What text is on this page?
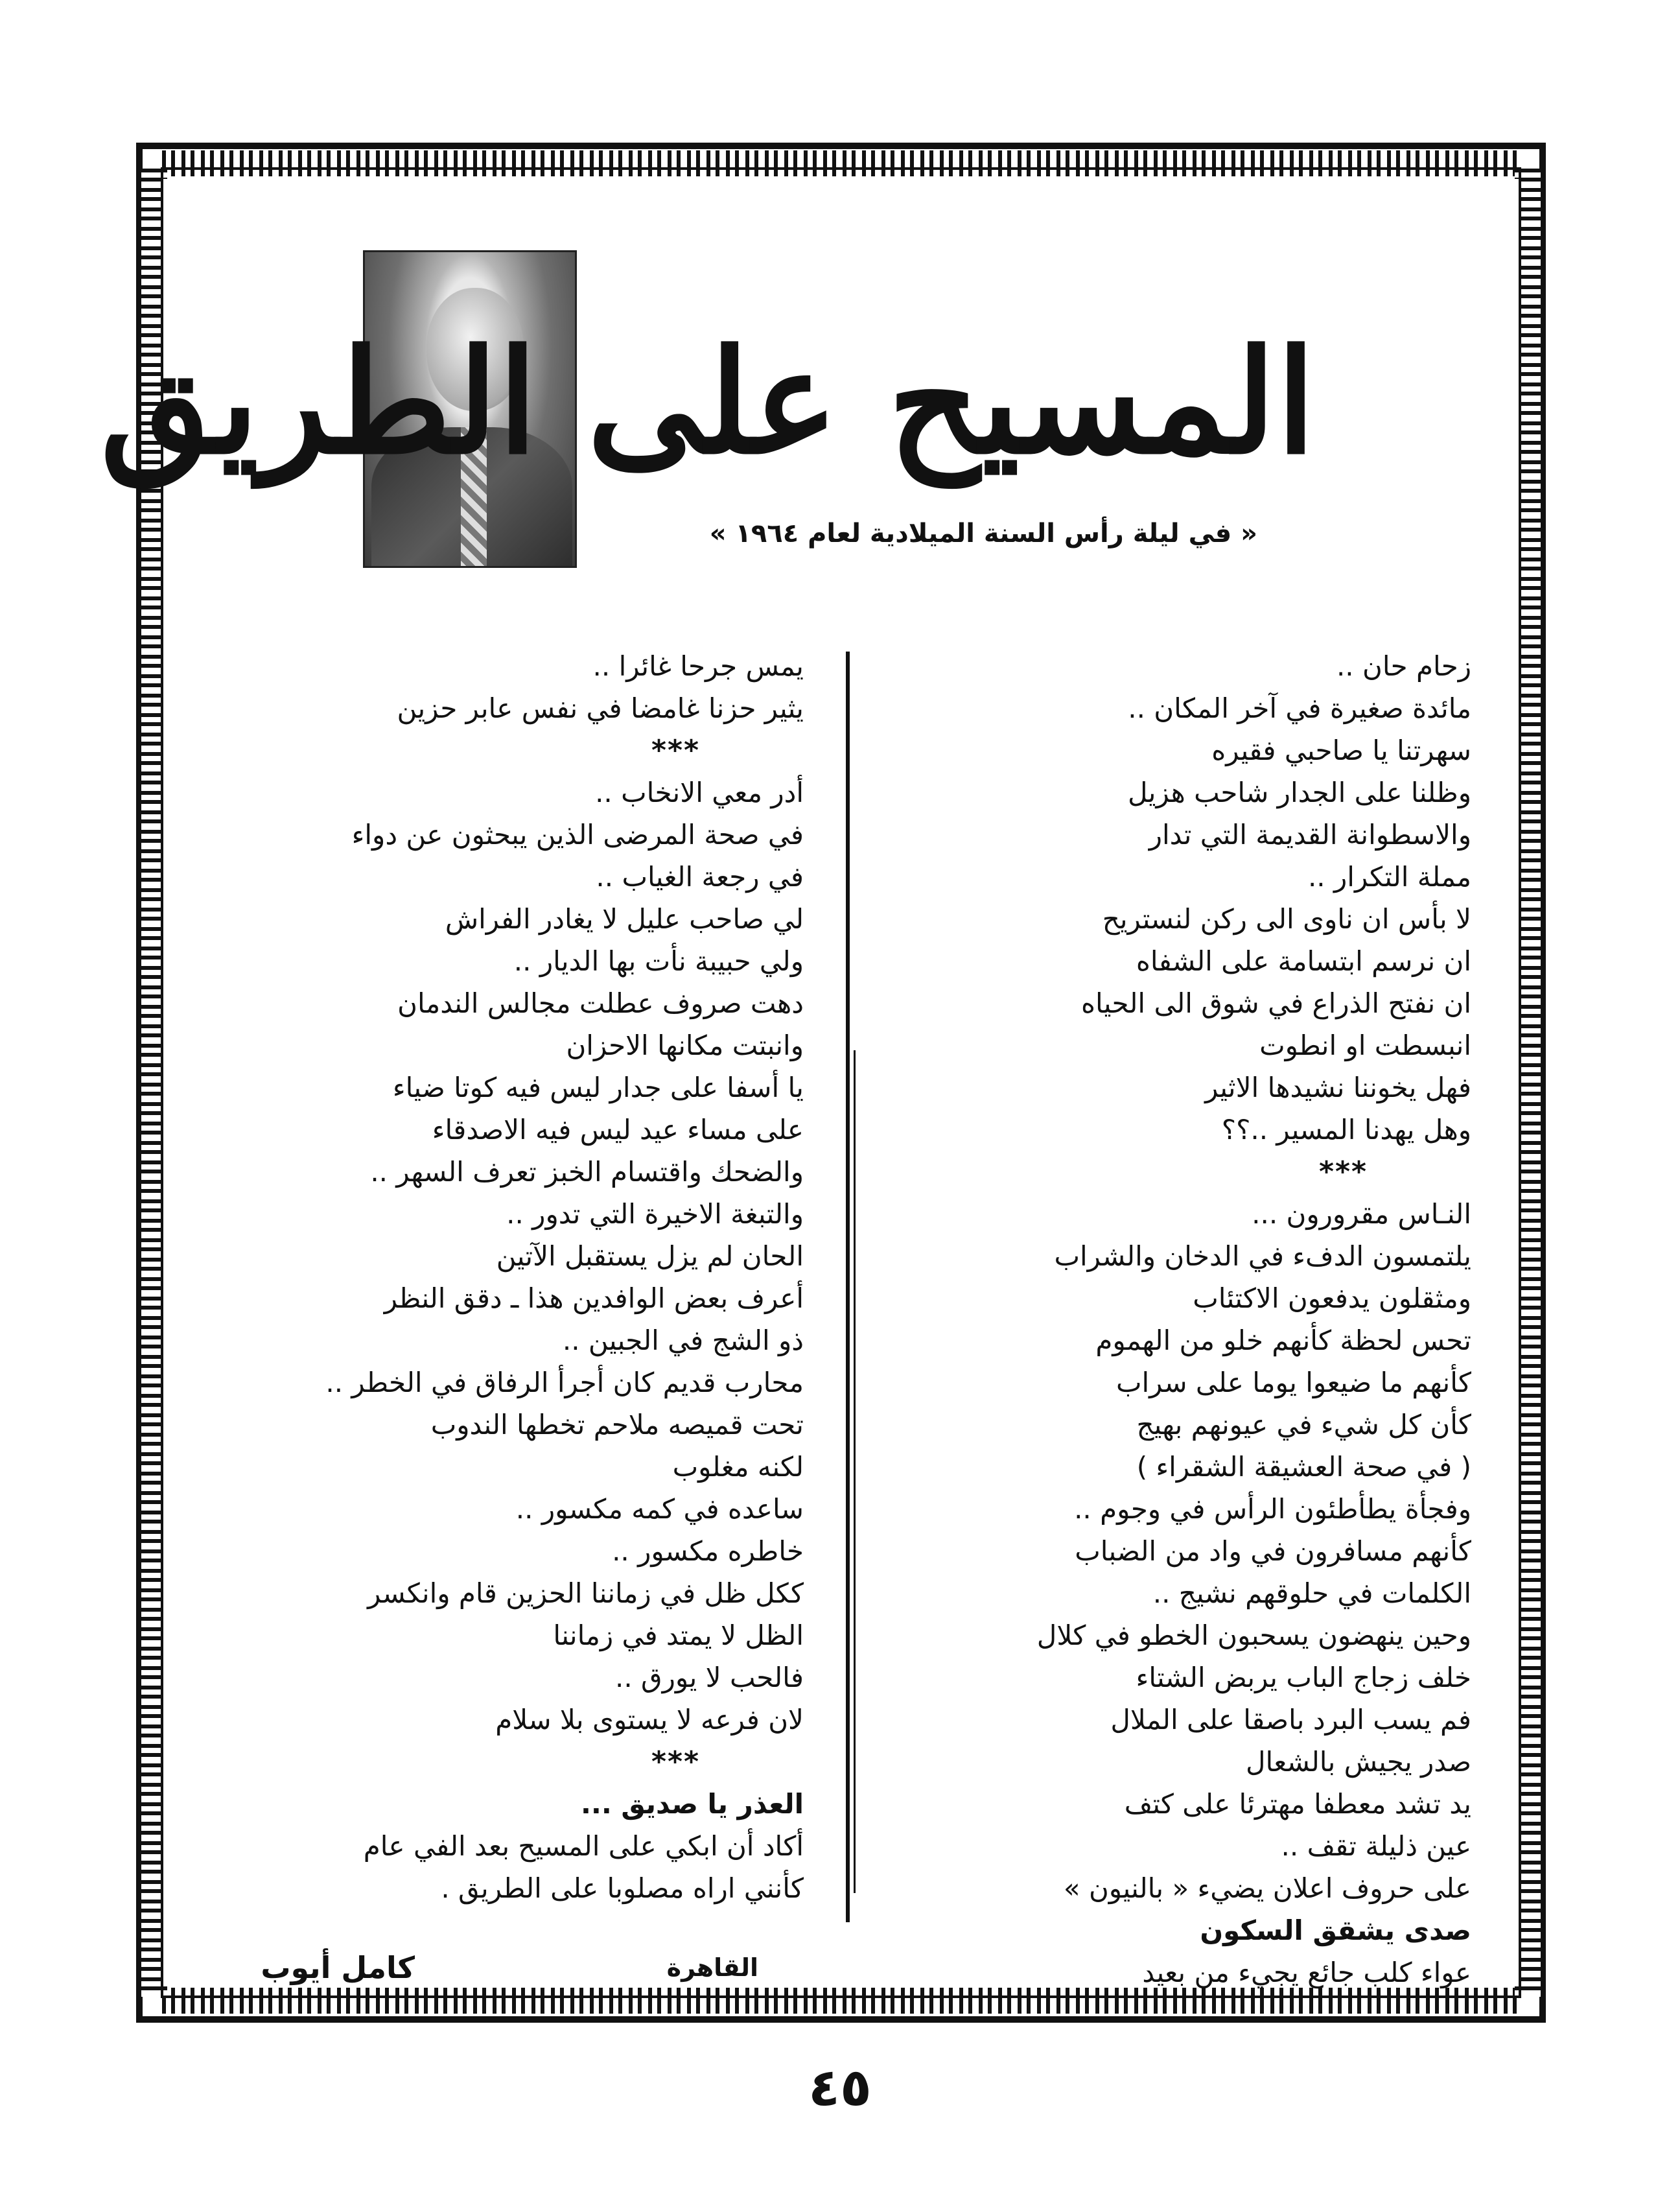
المسيح على الطريق
« في ليلة رأس السنة الميلادية لعام ١٩٦٤ »
زحام حان ..
مائدة صغيرة في آخر المكان ..
سهرتنا يا صاحبي فقيره
وظلنا على الجدار شاحب هزيل
والاسطوانة القديمة التي تدار
مملة التكرار ..
لا بأس ان ناوى الى ركن لنستريح
ان نرسم ابتسامة على الشفاه
ان نفتح الذراع في شوق الى الحياه
انبسطت او انطوت
فهل يخوننا نشيدها الاثير
وهل يهدنا المسير ..؟؟
***
النـاس مقرورون ...
يلتمسون الدفء في الدخان والشراب
ومثقلون يدفعون الاكتئاب
تحس لحظة كأنهم خلو من الهموم
كأنهم ما ضيعوا يوما على سراب
كأن كل شيء في عيونهم بهيج
( في صحة العشيقة الشقراء )
وفجأة يطأطئون الرأس في وجوم ..
كأنهم مسافرون في واد من الضباب
الكلمات في حلوقهم نشيج ..
وحين ينهضون يسحبون الخطو في كلال
خلف زجاج الباب يربض الشتاء
فم يسب البرد باصقا على الملال
صدر يجيش بالشعال
يد تشد معطفا مهترئا على كتف
عين ذليلة تقف ..
على حروف اعلان يضيء « بالنيون »
صدى يشقق السكون
عواء كلب جائع يجيء من بعيد
يمس جرحا غائرا ..
يثير حزنا غامضا في نفس عابر حزين
***
أدر معي الانخاب ..
في صحة المرضى الذين يبحثون عن دواء
في رجعة الغياب ..
لي صاحب عليل لا يغادر الفراش
ولي حبيبة نأت بها الديار ..
دهت صروف عطلت مجالس الندمان
وانبتت مكانها الاحزان
يا أسفا على جدار ليس فيه كوتا ضياء
على مساء عيد ليس فيه الاصدقاء
والضحك واقتسام الخبز تعرف السهر ..
والتبغة الاخيرة التي تدور ..
الحان لم يزل يستقبل الآتين
أعرف بعض الوافدين هذا ـ دقق النظر
ذو الشج في الجبين ..
محارب قديم كان أجرأ الرفاق في الخطر ..
تحت قميصه ملاحم تخطها الندوب
لكنه مغلوب
ساعده في كمه مكسور ..
خاطره مكسور ..
ككل ظل في زماننا الحزين قام وانكسر
الظل لا يمتد في زماننا
فالحب لا يورق ..
لان فرعه لا يستوى بلا سلام
***
العذر يا صديق ...
أكاد أن ابكي على المسيح بعد الفي عام
كأنني اراه مصلوبا على الطريق .
كامل أيوب	القاهرة
٤٥
